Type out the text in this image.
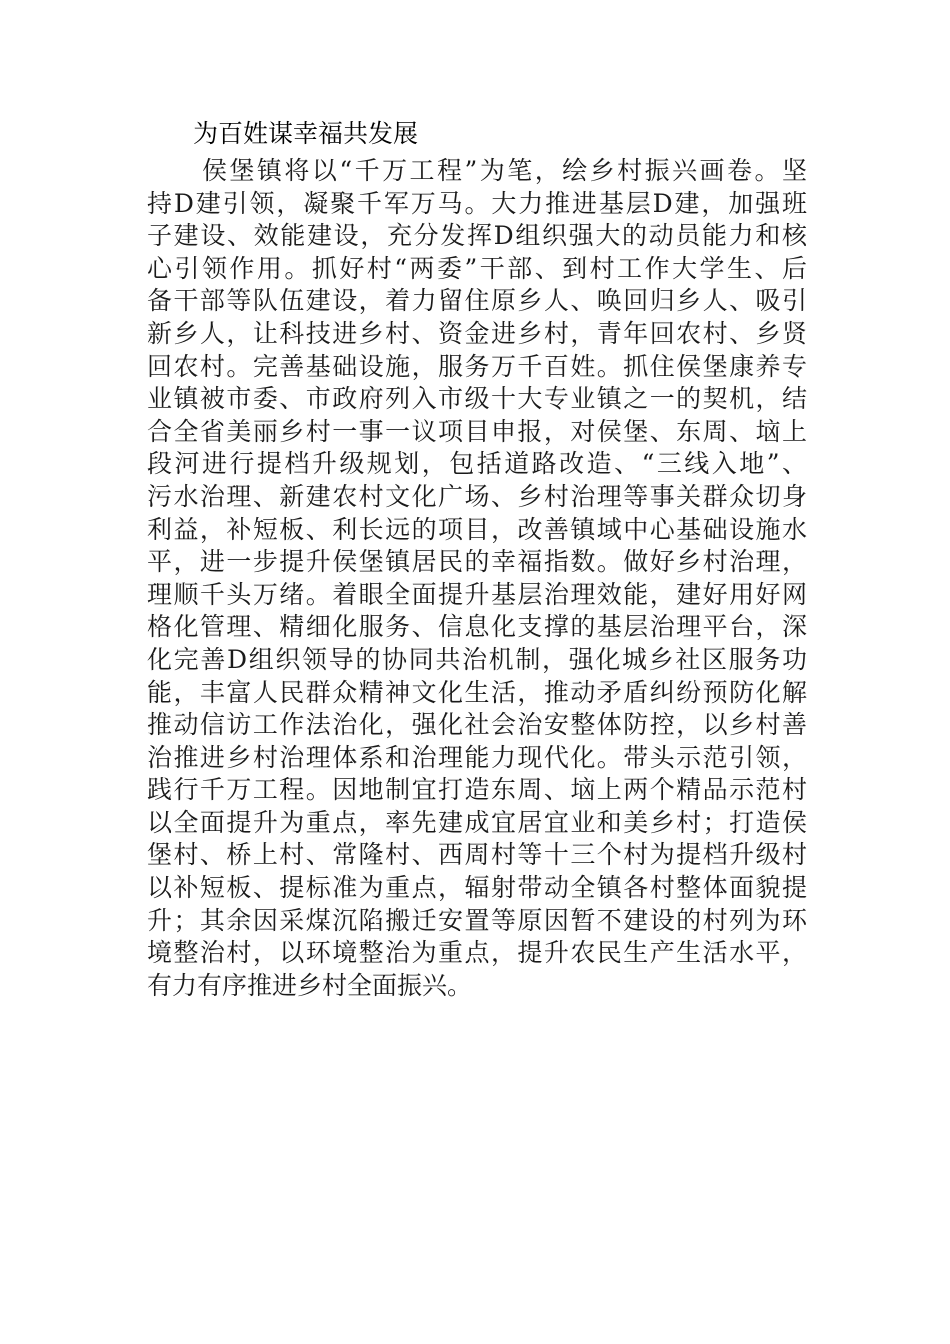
为百姓谋幸福共发展
　　侯堡镇将以“千万工程”为笔，绘乡村振兴画卷。坚
持D建引领，凝聚千军万马。大力推进基层D建，加强班
子建设、效能建设，充分发挥D组织强大的动员能力和核
心引领作用。抓好村“两委”干部、到村工作大学生、后
备干部等队伍建设，着力留住原乡人、唤回归乡人、吸引
新乡人，让科技进乡村、资金进乡村，青年回农村、乡贤
回农村。完善基础设施，服务万千百姓。抓住侯堡康养专
业镇被市委、市政府列入市级十大专业镇之一的契机，结
合全省美丽乡村一事一议项目申报，对侯堡、东周、垴上
段河进行提档升级规划，包括道路改造、“三线入地”、
污水治理、新建农村文化广场、乡村治理等事关群众切身
利益，补短板、利长远的项目，改善镇域中心基础设施水
平，进一步提升侯堡镇居民的幸福指数。做好乡村治理，
理顺千头万绪。着眼全面提升基层治理效能，建好用好网
格化管理、精细化服务、信息化支撑的基层治理平台，深
化完善D组织领导的协同共治机制，强化城乡社区服务功
能，丰富人民群众精神文化生活，推动矛盾纠纷预防化解
推动信访工作法治化，强化社会治安整体防控，以乡村善
治推进乡村治理体系和治理能力现代化。带头示范引领，
践行千万工程。因地制宜打造东周、垴上两个精品示范村
以全面提升为重点，率先建成宜居宜业和美乡村；打造侯
堡村、桥上村、常隆村、西周村等十三个村为提档升级村
以补短板、提标准为重点，辐射带动全镇各村整体面貌提
升；其余因采煤沉陷搬迁安置等原因暂不建设的村列为环
境整治村，以环境整治为重点，提升农民生产生活水平，
有力有序推进乡村全面振兴。
